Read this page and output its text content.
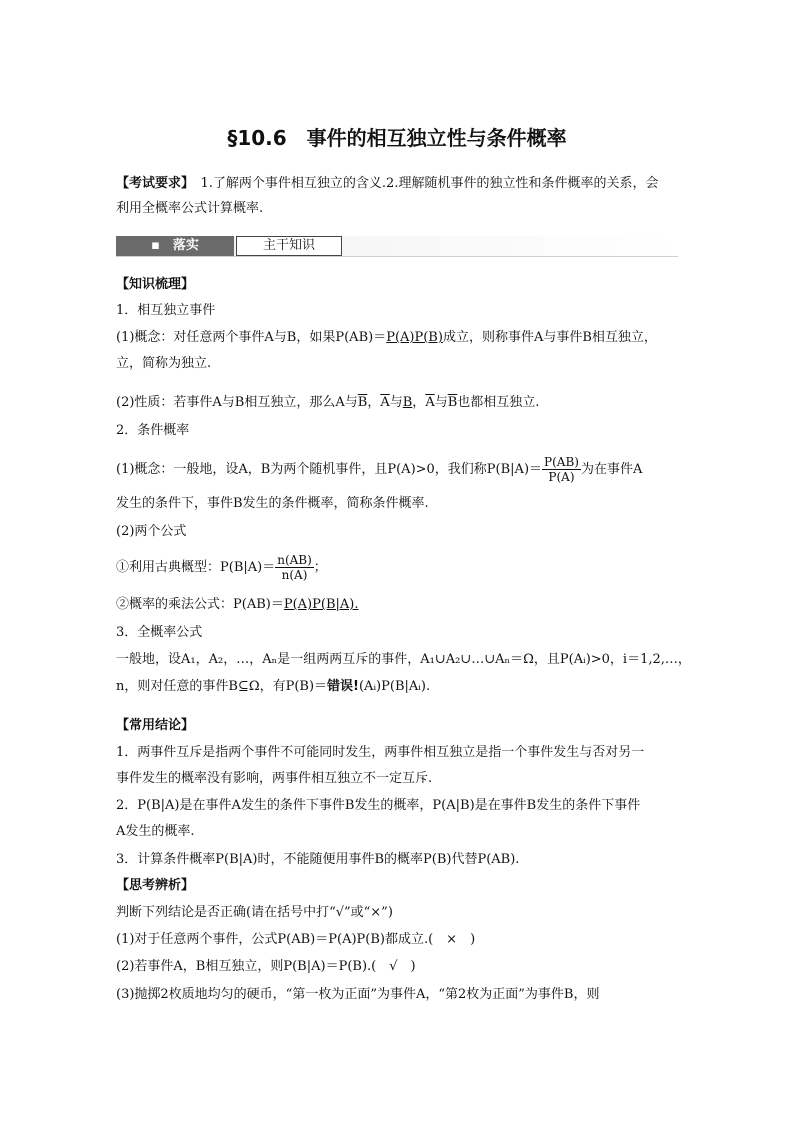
§10.6　事件的相互独立性与条件概率
【考试要求】　1.了解两个事件相互独立的含义.2.理解随机事件的独立性和条件概率的关系，会
利用全概率公式计算概率.
▪　落实	主干知识
【知识梳理】
1．相互独立事件
(1)概念：对任意两个事件A与B，如果P(AB)＝P(A)P(B)成立，则称事件A与事件B相互独立，
立，简称为独立.
(2)性质：若事件A与B相互独立，那么A与$\overline{B}$，$\overline{A}$与B，$\overline{A}$与$\overline{B}$也都相互独立.
2．条件概率
(1)概念：一般地，设A，B为两个随机事件，且P(A)>0，我们称$P(B|A)= \frac{P(AB)}{P(A)}$ 为在事件A
发生的条件下，事件B发生的条件概率，简称条件概率.
(2)两个公式
①利用古典概型：$P(B|A)= \frac{n(AB)}{n(A)}$ ；
②概率的乘法公式：P(AB)＝P(A)P(B|A).
3．全概率公式
一般地，设A₁，A₂，…，Aₙ是一组两两互斥的事件，A₁∪A₂∪…∪Aₙ＝Ω，且P(Aᵢ)>0，i＝1,2,…，
n，则对任意的事件B⊆Ω，有P(B)＝错误!(Aᵢ)P(B|Aᵢ).
【常用结论】
1．两事件互斥是指两个事件不可能同时发生，两事件相互独立是指一个事件发生与否对另一
事件发生的概率没有影响，两事件相互独立不一定互斥.
2．P(B|A)是在事件A发生的条件下事件B发生的概率，P(A|B)是在事件B发生的条件下事件
A发生的概率.
3．计算条件概率P(B|A)时，不能随便用事件B的概率P(B)代替P(AB).
【思考辨析】
判断下列结论是否正确(请在括号中打“√”或“×”)
(1)对于任意两个事件，公式P(AB)＝P(A)P(B)都成立.(　×　)
(2)若事件A，B相互独立，则P(B|A)＝P(B).(　√　)
(3)抛掷2枚质地均匀的硬币，“第一枚为正面”为事件A，“第2枚为正面”为事件B，则
